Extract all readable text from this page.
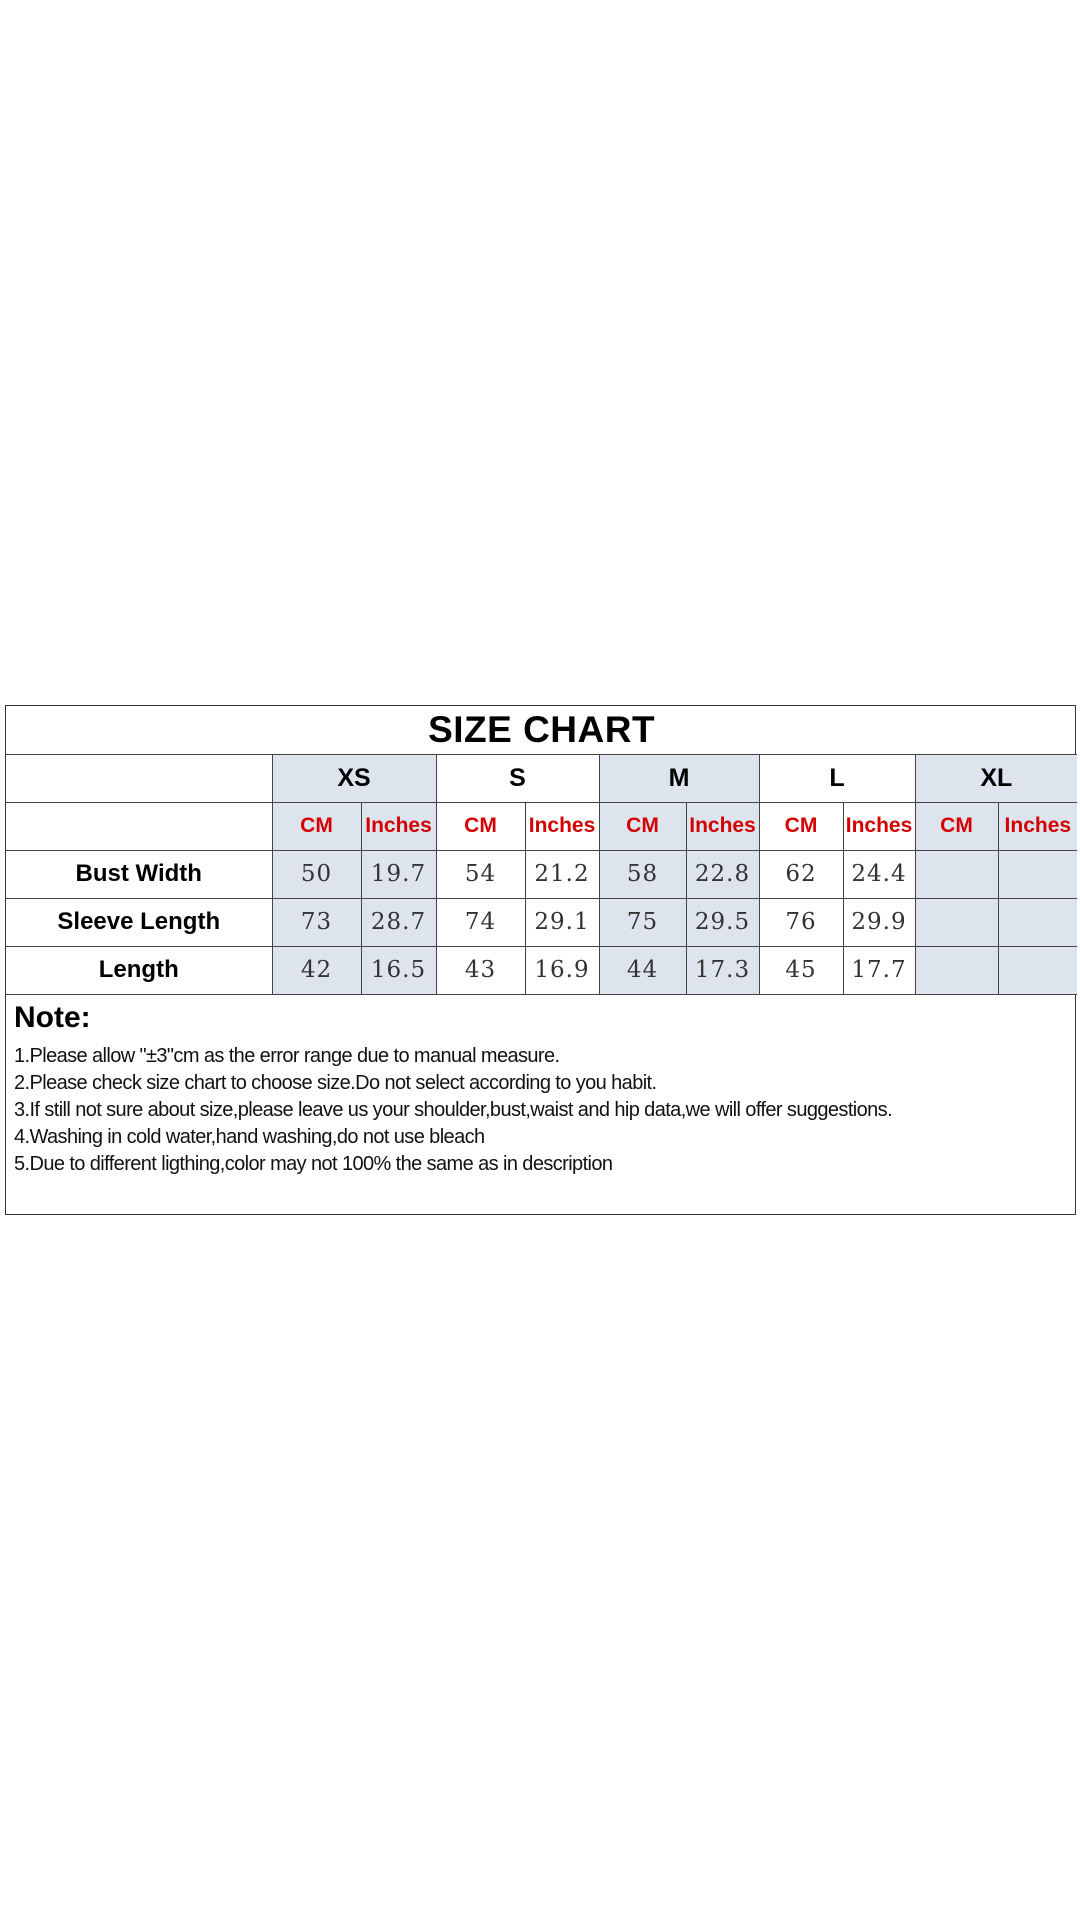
SIZE CHART										
	XS		S		M		L		XL	
	CM	Inches	CM	Inches	CM	Inches	CM	Inches	CM	Inches
Bust Width	50	19.7	54	21.2	58	22.8	62	24.4		
Sleeve Length	73	28.7	74	29.1	75	29.5	76	29.9		
Length	42	16.5	43	16.9	44	17.3	45	17.7		
Note:
1.Please allow "±3"cm as the error range due to manual measure.
2.Please check size chart to choose size.Do not select according to you habit.
3.If still not sure about size,please leave us your shoulder,bust,waist and hip data,we will offer suggestions.
4.Washing in cold water,hand washing,do not use bleach
5.Due to different ligthing,color may not 100% the same as in description
